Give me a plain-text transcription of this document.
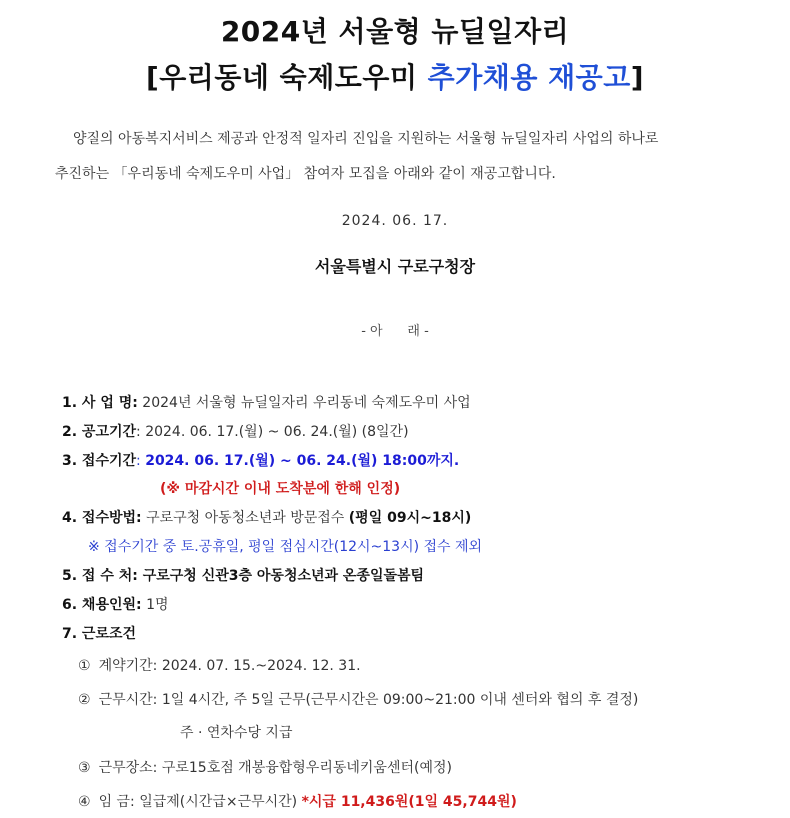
2024년 서울형 뉴딜일자리
[우리동네 숙제도우미 추가채용 재공고]

양질의 아동복지서비스 제공과 안정적 일자리 진입을 지원하는 서울형 뉴딜일자리 사업의 하나로

추진하는 「우리동네 숙제도우미 사업」 참여자 모집을 아래와 같이 재공고합니다.

2024. 06. 17.
서울특별시 구로구청장
- 아      래 -
1. 사 업 명: 2024년 서울형 뉴딜일자리 우리동네 숙제도우미 사업
2. 공고기간: 2024. 06. 17.(월) ~ 06. 24.(월) (8일간)
3. 접수기간: 2024. 06. 17.(월) ~ 06. 24.(월) 18:00까지.
(※ 마감시간 이내 도착분에 한해 인정)
4. 접수방법: 구로구청 아동청소년과 방문접수 (평일 09시~18시)
※ 접수기간 중 토.공휴일, 평일 점심시간(12시~13시) 접수 제외
5. 접 수 처: 구로구청 신관3층 아동청소년과 온종일돌봄팀
6. 채용인원: 1명
7. 근로조건
① 계약기간: 2024. 07. 15.~2024. 12. 31.
② 근무시간: 1일 4시간, 주 5일 근무(근무시간은 09:00~21:00 이내 센터와 협의 후 결정)
주 · 연차수당 지급
③ 근무장소: 구로15호점 개봉융합형우리동네키움센터(예정)
④ 임 금: 일급제(시간급×근무시간) *시급 11,436원(1일 45,744원)
